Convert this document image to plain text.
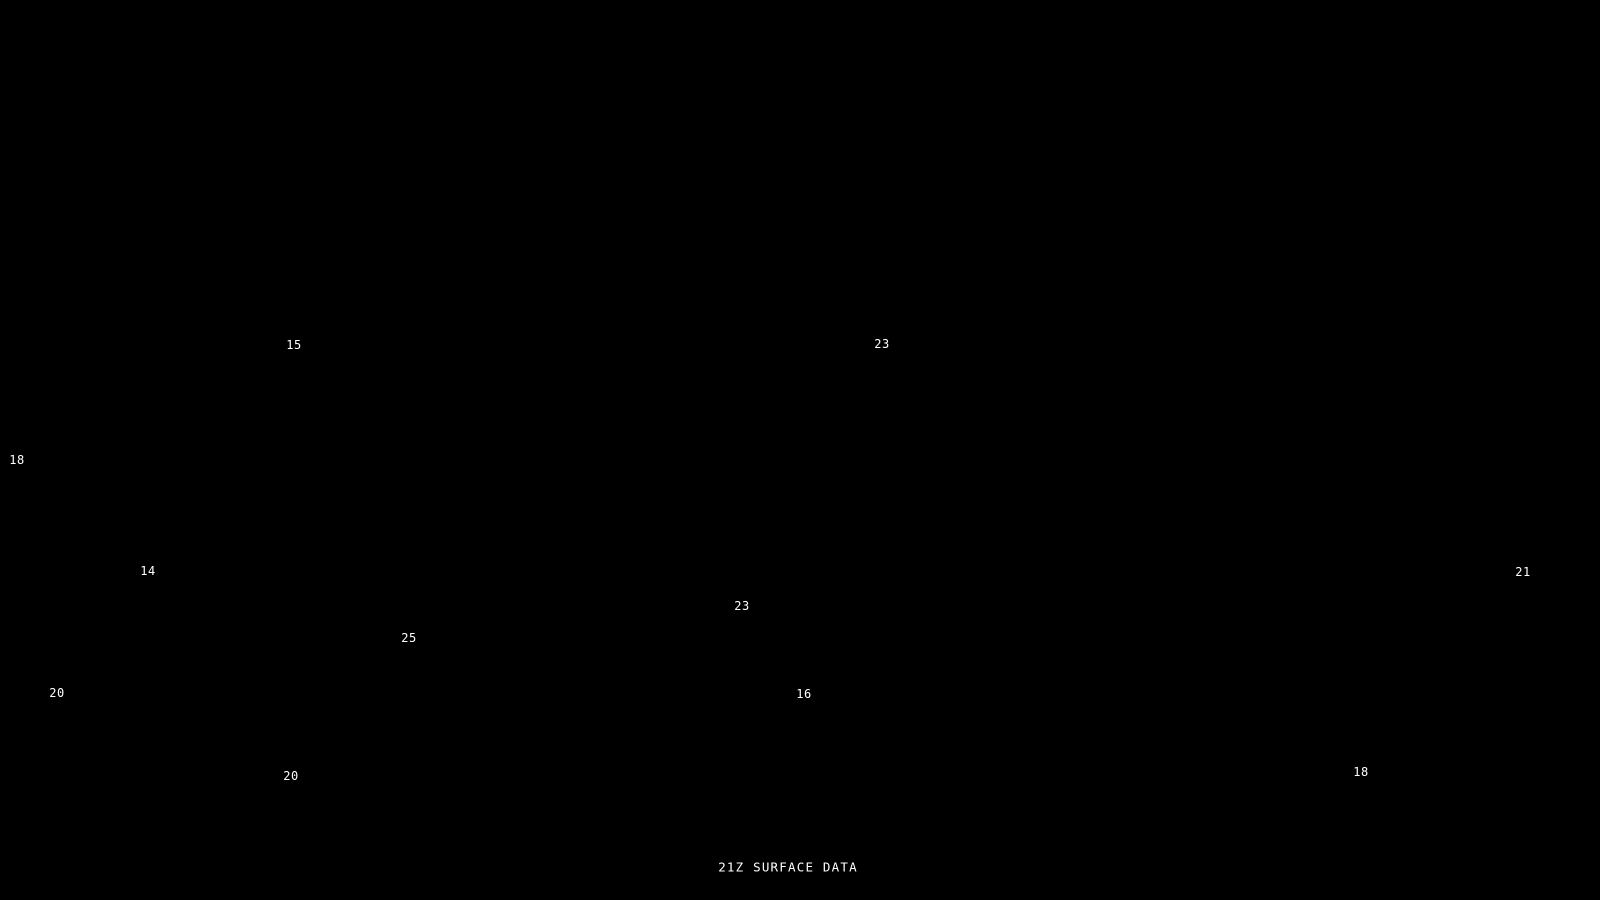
15	23
18
14	21
23
25
20	16
18
20
21Z SURFACE DATA
